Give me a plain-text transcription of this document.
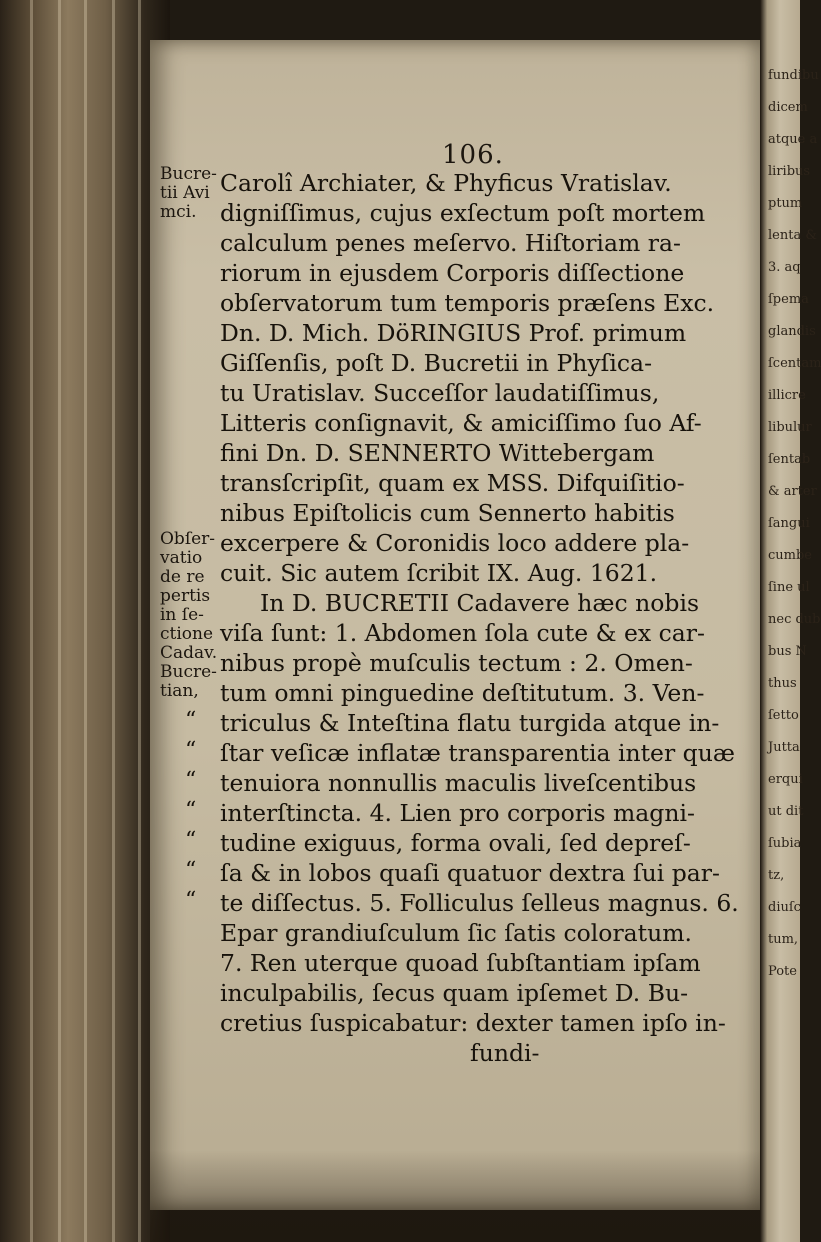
fundibu
dicem
atque a
liribus
ptum
lenta &
3. aq
ſpema
glandis
ſcentam
illicre
libulur
ſentab
& arter
ſangui
cumbe
ſine ul
nec dub
bus N
thus
ſetto
Jutta
erqui
ut dit
ſubia
tz,
diuſc
tum,
Pote
106.
Bucre-
tii Avi
mci.
Obſer-
vatio
de re
pertis
in ſe-
ctione
Cadav.
Bucre-
tian,
Carolî Archiater, & Phyficus Vratislav.
digniſſimus, cujus exſectum poſt mortem
calculum penes meſervo. Hiſtoriam ra-
riorum in ejusdem Corporis diſſectione
obſervatorum tum temporis præſens Exc.
Dn. D. Mich. DöRINGIUS Prof. primum
Giſſenſis, poſt D. Bucretii in Phyſica-
tu Uratislav. Succeſſor laudatiſſimus,
Litteris conſignavit, & amiciſſimo ſuo Af-
fini Dn. D. SENNERTO Wittebergam
transſcripſit, quam ex MSS. Difquiſitio-
nibus Epiſtolicis cum Sennerto habitis
excerpere & Coronidis loco addere pla-
cuit. Sic autem ſcribit IX. Aug. 1621.
In D. BUCRETII Cadavere hæc nobis
viſa ſunt: 1. Abdomen ſola cute & ex car-
nibus propè muſculis tectum : 2. Omen-
tum omni pinguedine deſtitutum. 3. Ven-
triculus & Inteſtina flatu turgida atque in-
ſtar veſicæ inflatæ transparentia inter quæ
tenuiora nonnullis maculis liveſcentibus
interſtincta. 4. Lien pro corporis magni-
tudine exiguus, forma ovali, ſed depreſ-
ſa & in lobos quaſi quatuor dextra ſui par-
te diſſectus. 5. Folliculus ſelleus magnus. 6.
Epar grandiuſculum ſic ſatis coloratum.
7. Ren uterque quoad ſubſtantiam ipſam
inculpabilis, ſecus quam ipſemet D. Bu-
cretius ſuspicabatur: dexter tamen ipſo in-
fundi-
“
“
“
“
“
“
“
